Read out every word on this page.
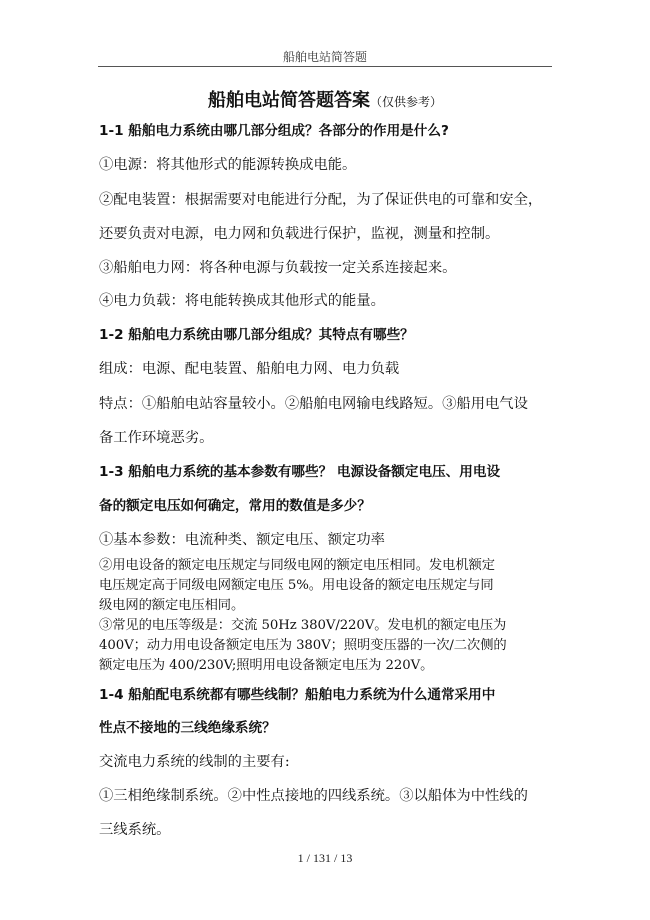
船舶电站简答题
船舶电站简答题答案（仅供参考）
1-1 船舶电力系统由哪几部分组成？各部分的作用是什么?
①电源：将其他形式的能源转换成电能。
②配电装置：根据需要对电能进行分配，为了保证供电的可靠和安全，
还要负责对电源，电力网和负载进行保护，监视，测量和控制。
③船舶电力网：将各种电源与负载按一定关系连接起来。
④电力负载：将电能转换成其他形式的能量。
1-2 船舶电力系统由哪几部分组成？其特点有哪些？
组成：电源、配电装置、船舶电力网、电力负载
特点：①船舶电站容量较小。②船舶电网输电线路短。③船用电气设
备工作环境恶劣。
1-3 船舶电力系统的基本参数有哪些？ 电源设备额定电压、用电设
备的额定电压如何确定，常用的数值是多少？
①基本参数：电流种类、额定电压、额定功率
②用电设备的额定电压规定与同级电网的额定电压相同。发电机额定
电压规定高于同级电网额定电压 5%。用电设备的额定电压规定与同
级电网的额定电压相同。
③常见的电压等级是：交流 50Hz 380V/220V。发电机的额定电压为
400V；动力用电设备额定电压为 380V；照明变压器的一次/二次侧的
额定电压为 400/230V;照明用电设备额定电压为 220V。
1-4 船舶配电系统都有哪些线制？船舶电力系统为什么通常采用中
性点不接地的三线绝缘系统？
交流电力系统的线制的主要有:
①三相绝缘制系统。②中性点接地的四线系统。③以船体为中性线的
三线系统。
1 / 131 / 13
